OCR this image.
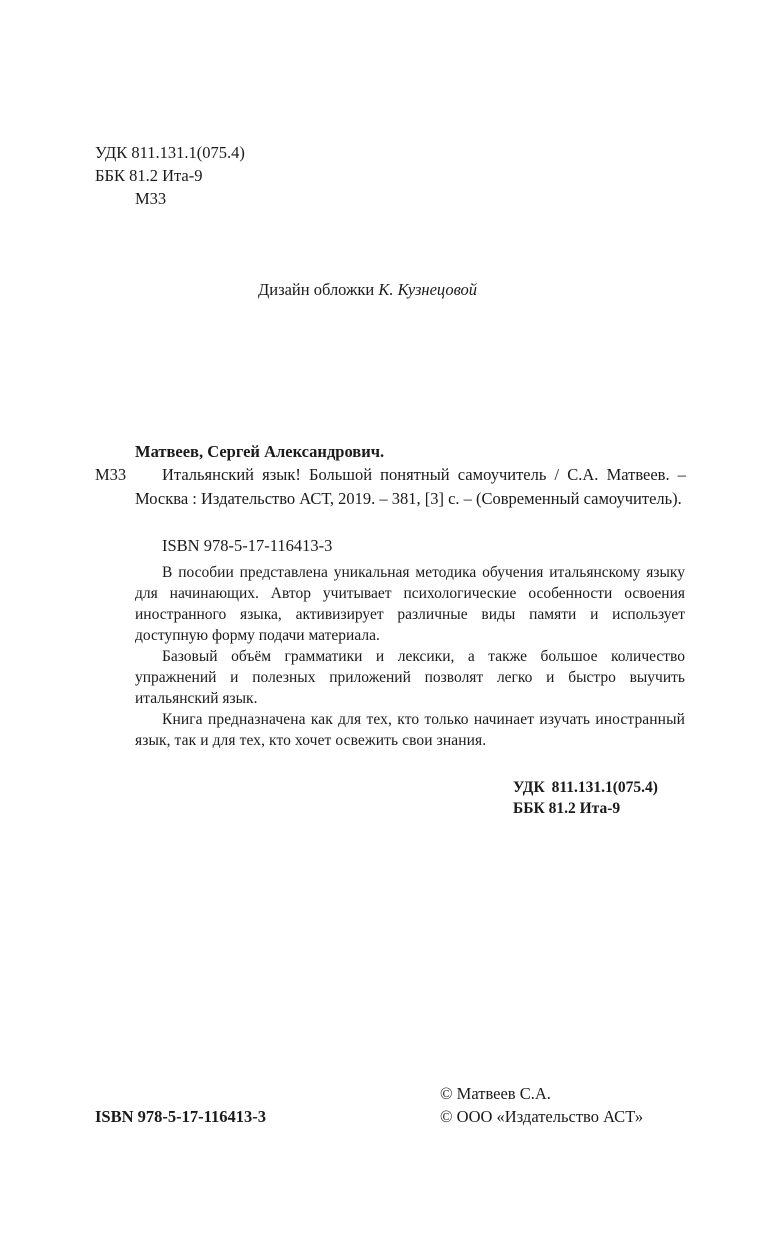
УДК 811.131.1(075.4)
ББК 81.2 Ита-9
М33
Дизайн обложки К. Кузнецовой
Матвеев, Сергей Александрович.
М33	Итальянский язык! Большой понятный самоучитель / С.А. Матвеев. – Москва : Издательство АСТ, 2019. – 381, [3] с. – (Современный самоучитель).
ISBN 978-5-17-116413-3

В пособии представлена уникальная методика обучения итальянскому языку для начинающих. Автор учитывает психологические особенности освоения иностранного языка, активизирует различные виды памяти и использует доступную форму подачи материала.

Базовый объём грамматики и лексики, а также большое количество упражнений и полезных приложений позволят легко и быстро выучить итальянский язык.

Книга предназначена как для тех, кто только начинает изучать иностранный язык, так и для тех, кто хочет освежить свои знания.

УДК 811.131.1(075.4)
ББК 81.2 Ита-9
ISBN 978-5-17-116413-3
© Матвеев С.А.
© ООО «Издательство АСТ»
